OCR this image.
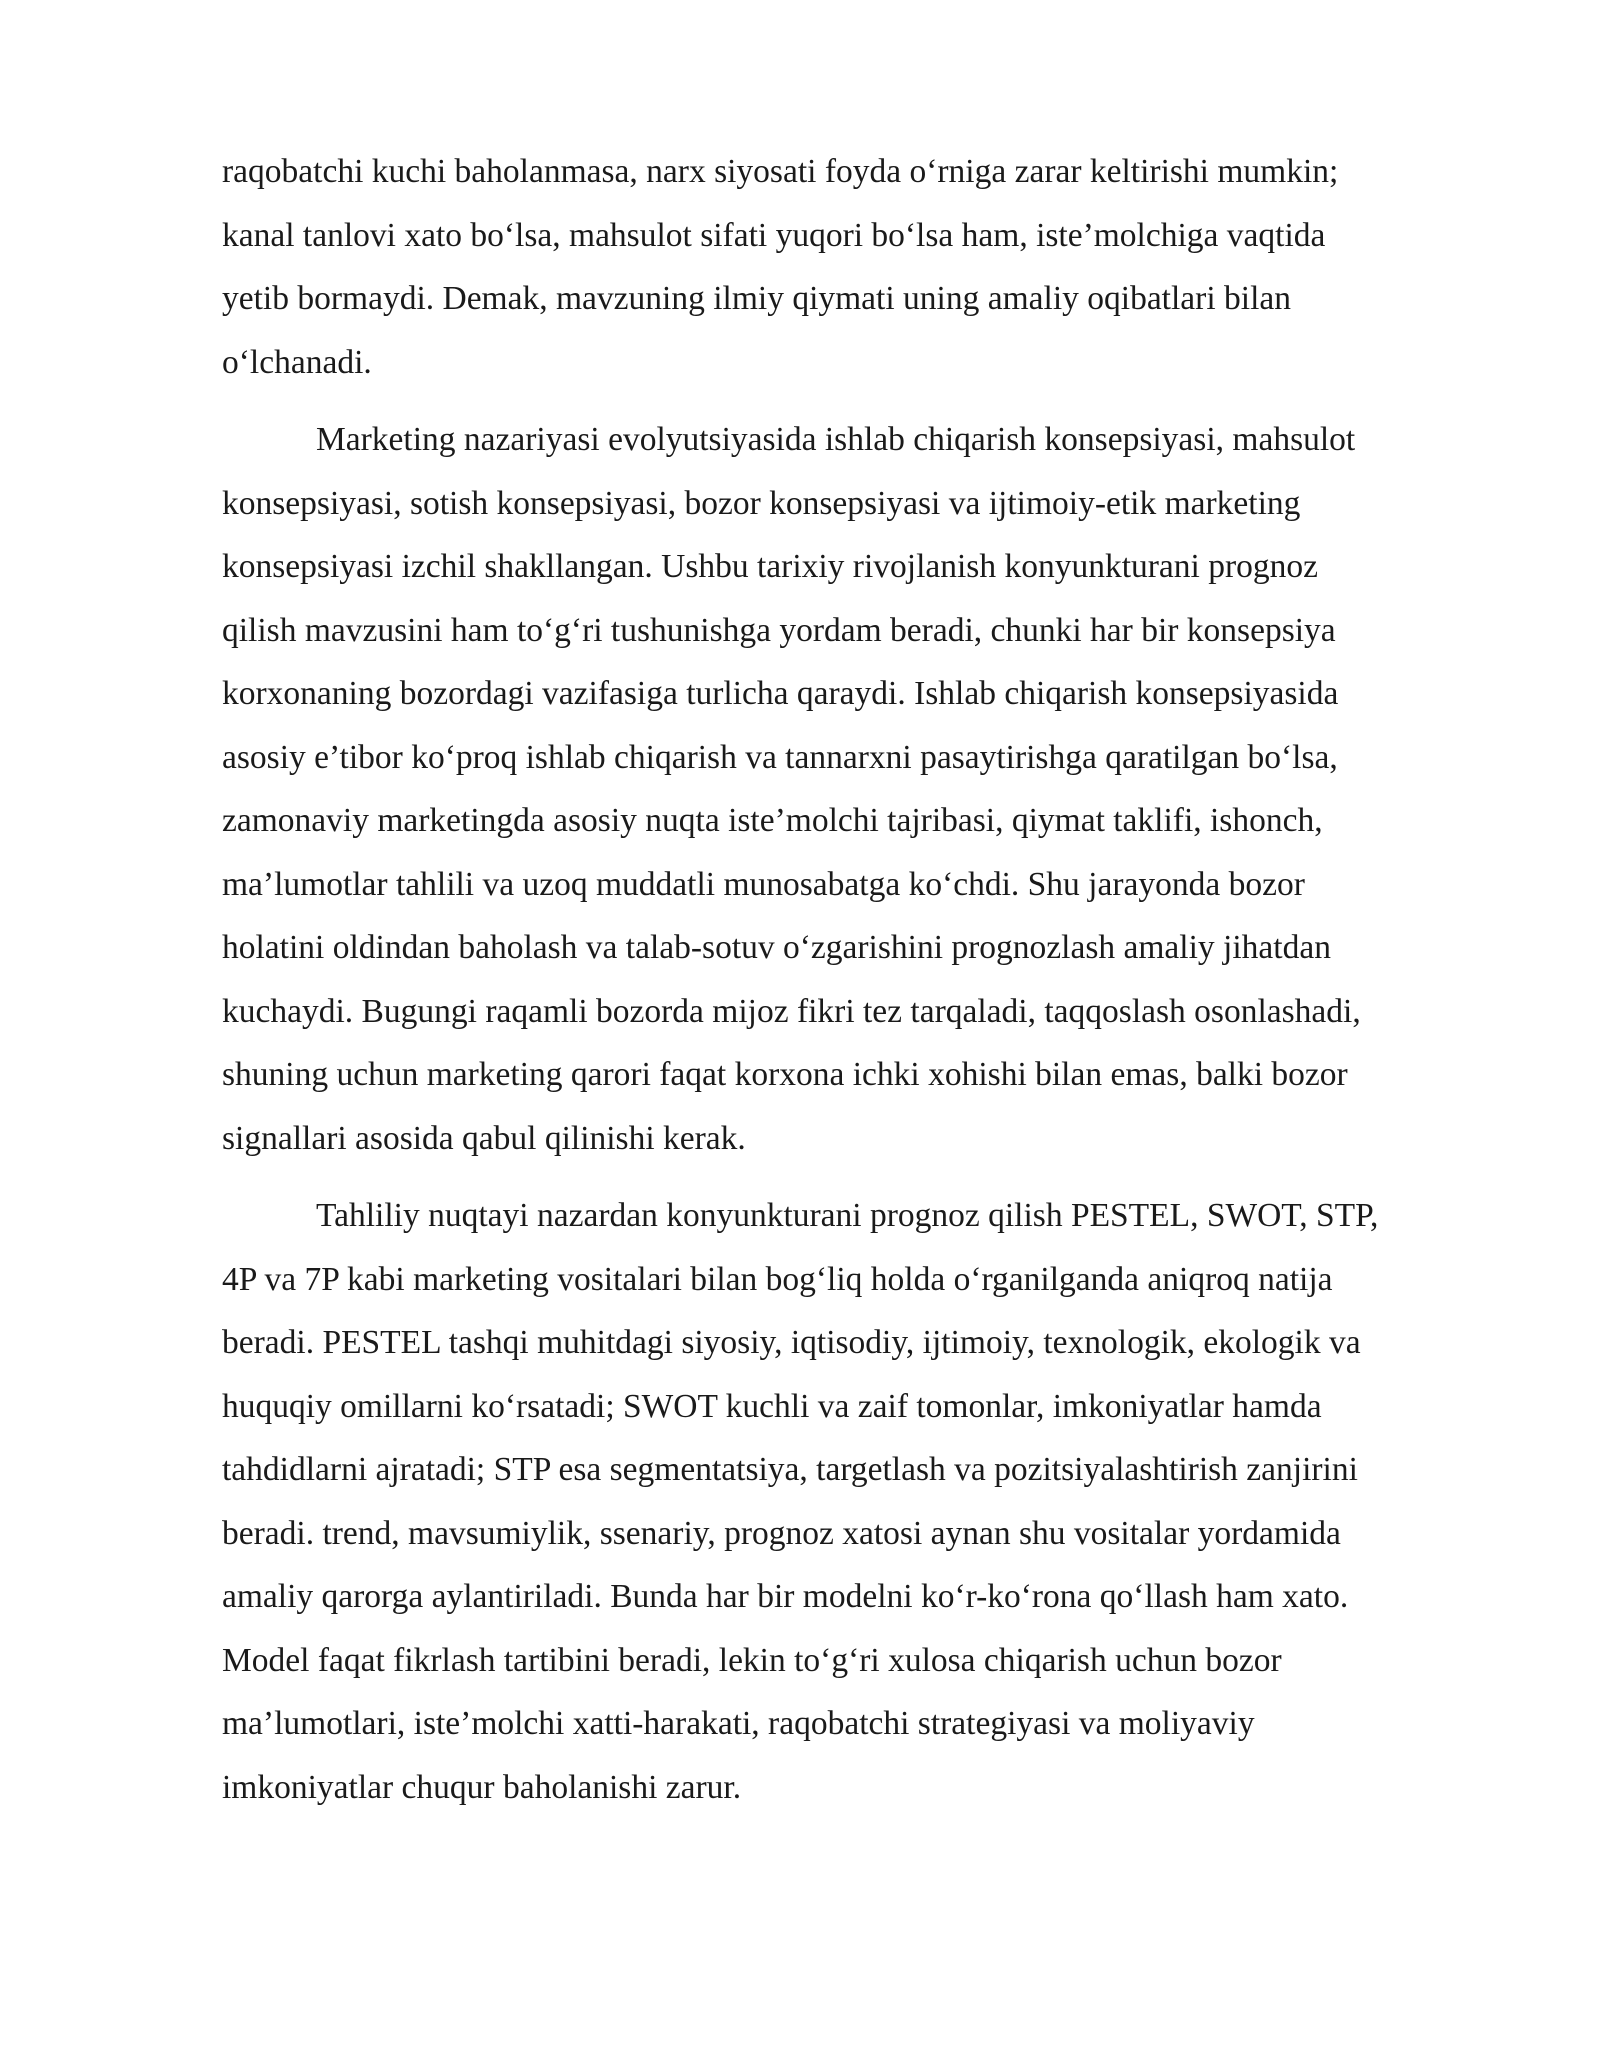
raqobatchi kuchi baholanmasa, narx siyosati foyda o‘rniga zarar keltirishi mumkin;
kanal tanlovi xato bo‘lsa, mahsulot sifati yuqori bo‘lsa ham, iste’molchiga vaqtida
yetib bormaydi. Demak, mavzuning ilmiy qiymati uning amaliy oqibatlari bilan
o‘lchanadi.

Marketing nazariyasi evolyutsiyasida ishlab chiqarish konsepsiyasi, mahsulot
konsepsiyasi, sotish konsepsiyasi, bozor konsepsiyasi va ijtimoiy-etik marketing
konsepsiyasi izchil shakllangan. Ushbu tarixiy rivojlanish konyunkturani prognoz
qilish mavzusini ham to‘g‘ri tushunishga yordam beradi, chunki har bir konsepsiya
korxonaning bozordagi vazifasiga turlicha qaraydi. Ishlab chiqarish konsepsiyasida
asosiy e’tibor ko‘proq ishlab chiqarish va tannarxni pasaytirishga qaratilgan bo‘lsa,
zamonaviy marketingda asosiy nuqta iste’molchi tajribasi, qiymat taklifi, ishonch,
ma’lumotlar tahlili va uzoq muddatli munosabatga ko‘chdi. Shu jarayonda bozor
holatini oldindan baholash va talab-sotuv o‘zgarishini prognozlash amaliy jihatdan
kuchaydi. Bugungi raqamli bozorda mijoz fikri tez tarqaladi, taqqoslash osonlashadi,
shuning uchun marketing qarori faqat korxona ichki xohishi bilan emas, balki bozor
signallari asosida qabul qilinishi kerak.

Tahliliy nuqtayi nazardan konyunkturani prognoz qilish PESTEL, SWOT, STP,
4P va 7P kabi marketing vositalari bilan bog‘liq holda o‘rganilganda aniqroq natija
beradi. PESTEL tashqi muhitdagi siyosiy, iqtisodiy, ijtimoiy, texnologik, ekologik va
huquqiy omillarni ko‘rsatadi; SWOT kuchli va zaif tomonlar, imkoniyatlar hamda
tahdidlarni ajratadi; STP esa segmentatsiya, targetlash va pozitsiyalashtirish zanjirini
beradi. trend, mavsumiylik, ssenariy, prognoz xatosi aynan shu vositalar yordamida
amaliy qarorga aylantiriladi. Bunda har bir modelni ko‘r-ko‘rona qo‘llash ham xato.
Model faqat fikrlash tartibini beradi, lekin to‘g‘ri xulosa chiqarish uchun bozor
ma’lumotlari, iste’molchi xatti-harakati, raqobatchi strategiyasi va moliyaviy
imkoniyatlar chuqur baholanishi zarur.
